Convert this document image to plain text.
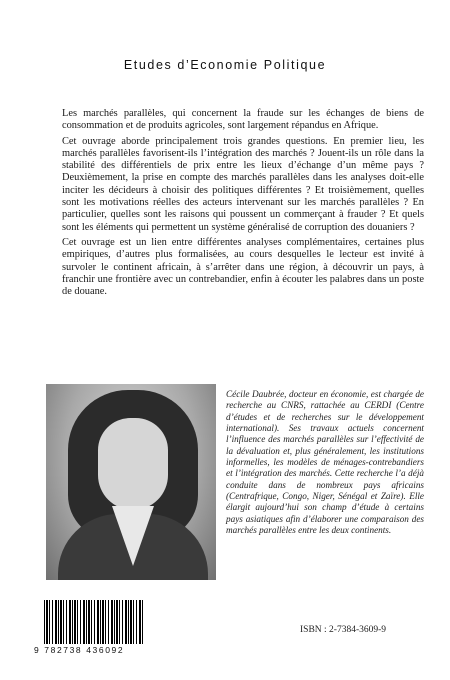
Etudes d’Economie Politique

Les marchés parallèles, qui concernent la fraude sur les échanges de biens de consommation et de produits agricoles, sont largement répandus en Afrique.

Cet ouvrage aborde principalement trois grandes questions. En premier lieu, les marchés parallèles favorisent-ils l’intégration des marchés ? Jouent-ils un rôle dans la stabilité des différentiels de prix entre les lieux d’échange d’un même pays ? Deuxièmement, la prise en compte des marchés parallèles dans les analyses doit-elle inciter les décideurs à choisir des politiques différentes ? Et troisièmement, quelles sont les motivations réelles des acteurs intervenant sur les marchés parallèles ? En particulier, quelles sont les raisons qui poussent un commerçant à frauder ? Et quels sont les éléments qui permettent un système généralisé de corruption des douaniers ?

Cet ouvrage est un lien entre différentes analyses complémentaires, certaines plus empiriques, d’autres plus formalisées, au cours desquelles le lecteur est invité à survoler le continent africain, à s’arrêter dans une région, à découvrir un pays, à franchir une frontière avec un contrebandier, enfin à écouter les palabres dans un poste de douane.

Cécile Daubrée, docteur en économie, est chargée de recherche au CNRS, rattachée au CERDI (Centre d’études et de recherches sur le développement international). Ses travaux actuels concernent l’influence des marchés parallèles sur l’effectivité de la dévaluation et, plus généralement, les institutions informelles, les modèles de ménages-contrebandiers et l’intégration des marchés. Cette recherche l’a déjà conduite dans de nombreux pays africains (Centrafrique, Congo, Niger, Sénégal et Zaïre). Elle élargit aujourd’hui son champ d’étude à certains pays asiatiques afin d’élaborer une comparaison des marchés parallèles entre les deux continents.
9 782738 436092
ISBN : 2-7384-3609-9
